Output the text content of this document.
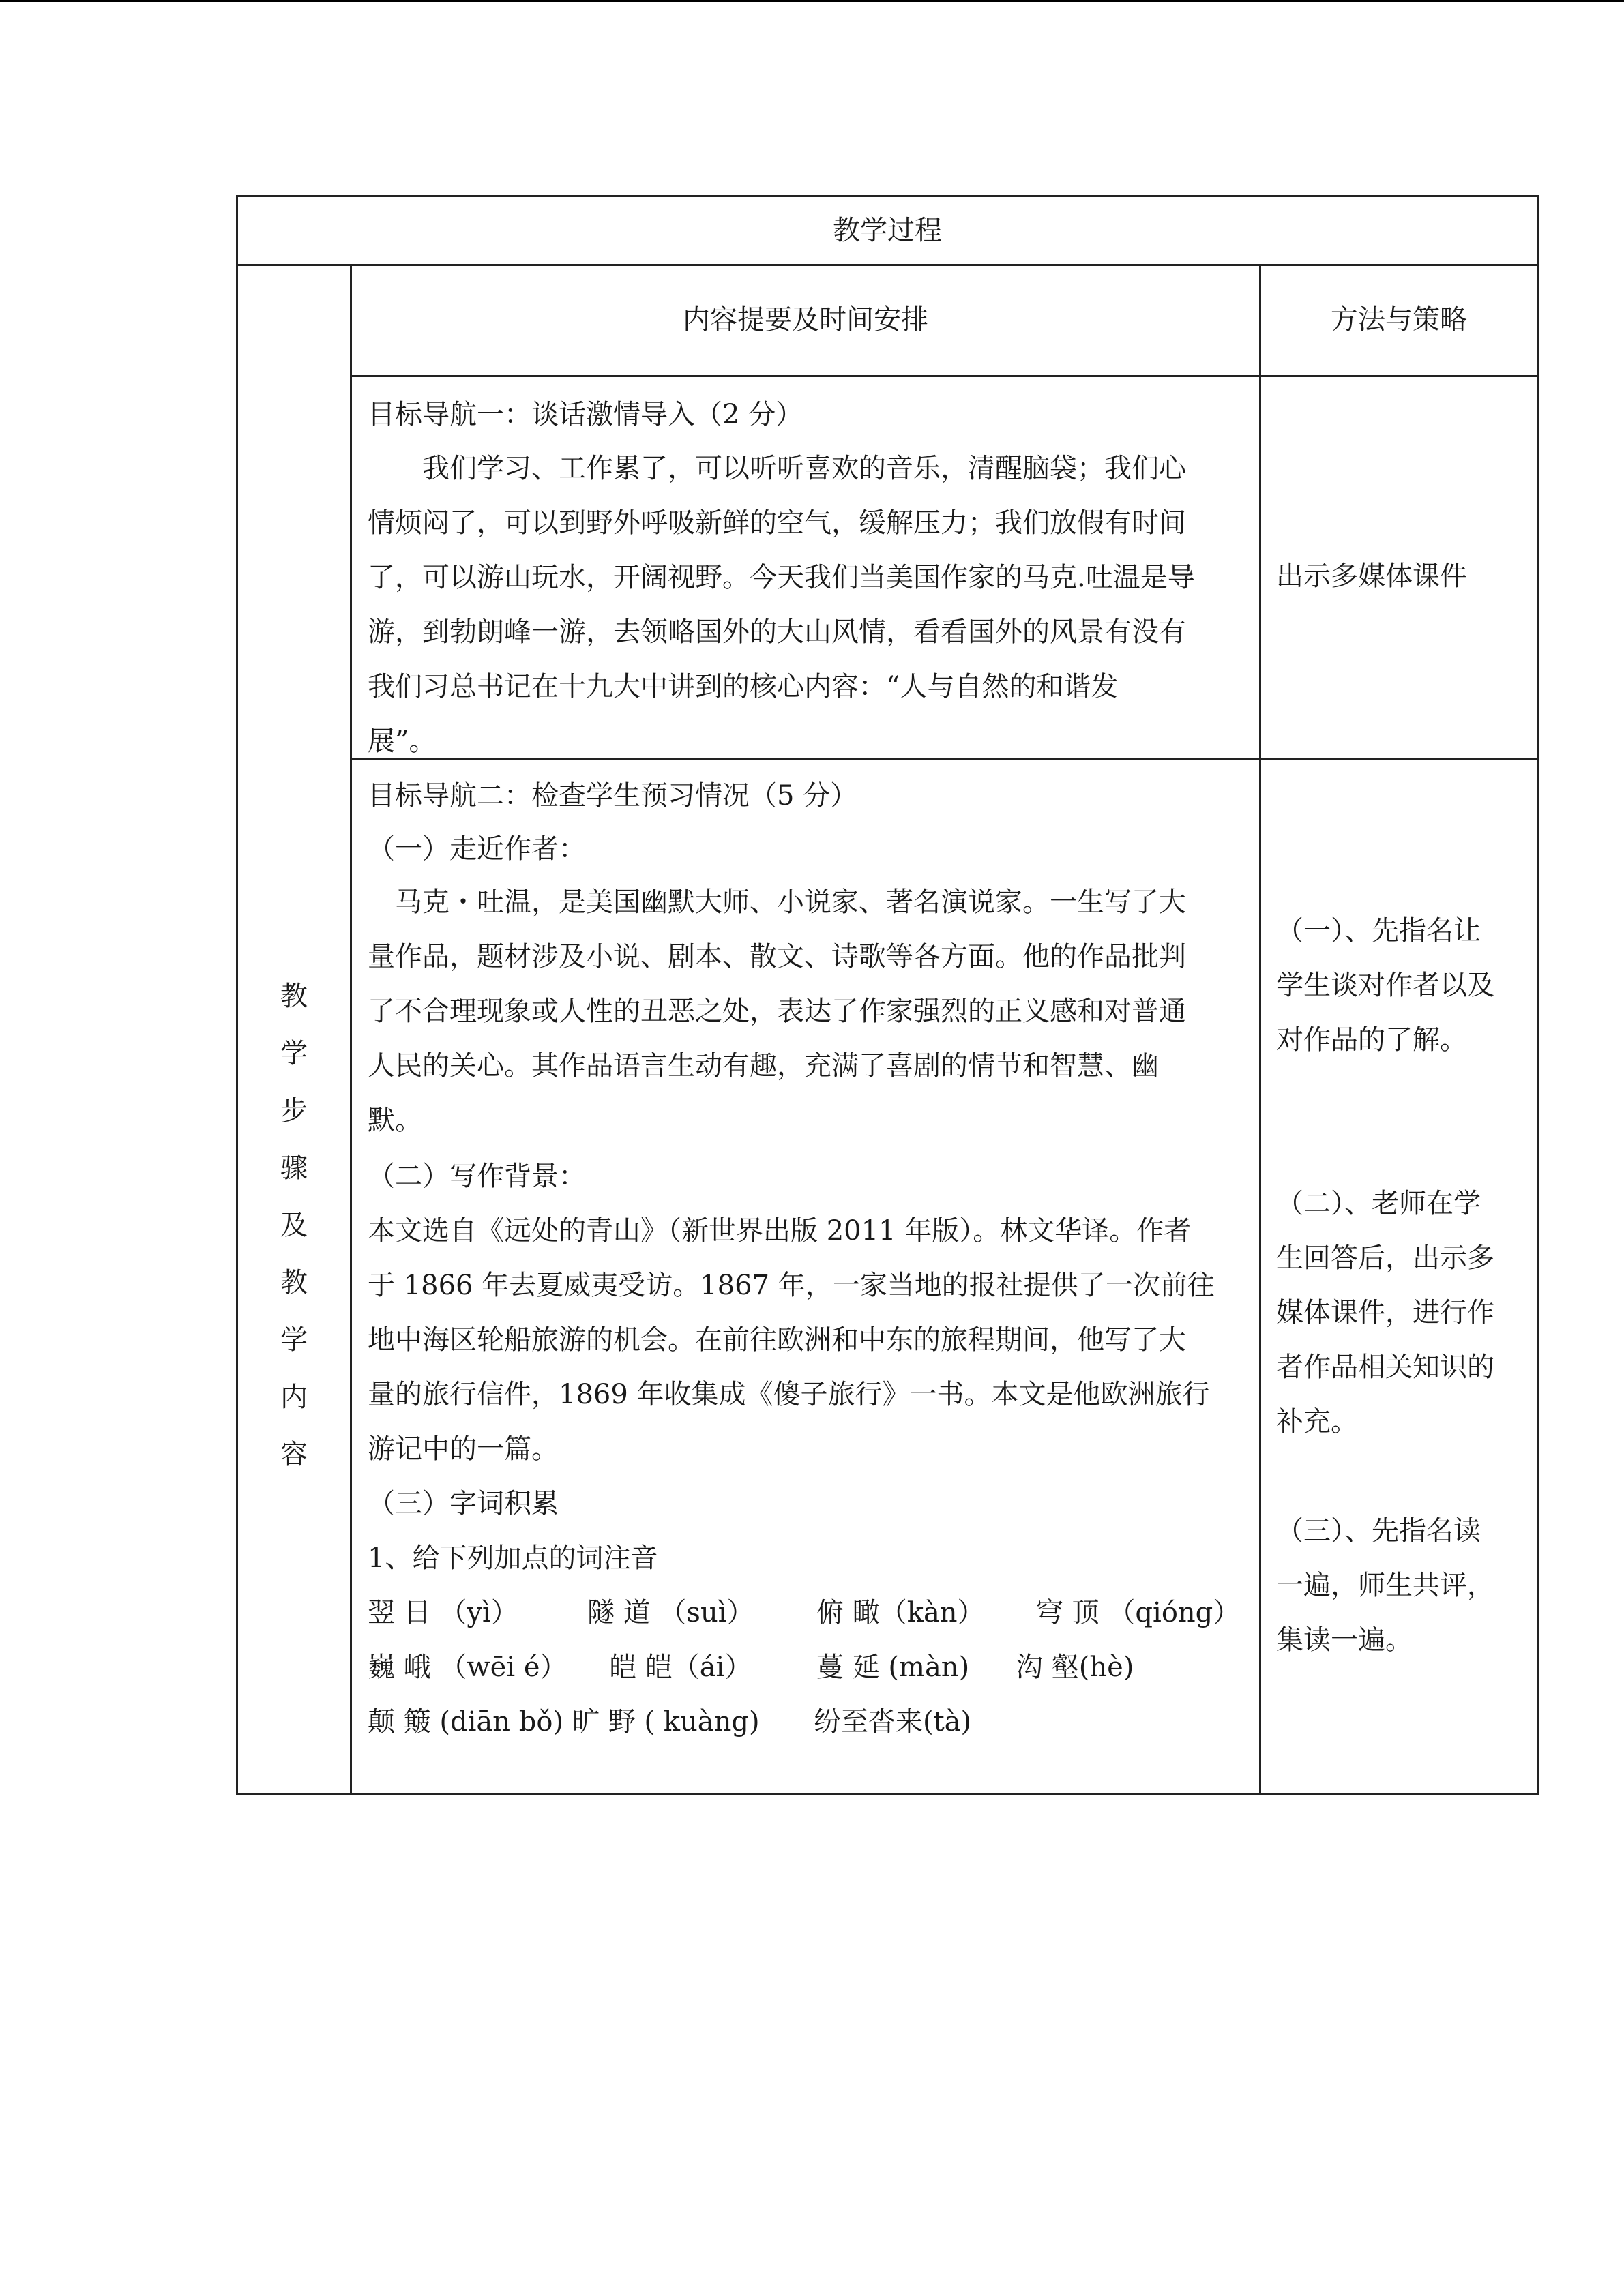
教学过程
教
学
步
骤
及
教
学
内
容
内容提要及时间安排	方法与策略
目标导航一：谈话激情导入（2 分）
　　我们学习、工作累了，可以听听喜欢的音乐，清醒脑袋；我们心
情烦闷了，可以到野外呼吸新鲜的空气，缓解压力；我们放假有时间
了，可以游山玩水，开阔视野。今天我们当美国作家的马克.吐温是导
游，到勃朗峰一游，去领略国外的大山风情，看看国外的风景有没有
我们习总书记在十九大中讲到的核心内容：“人与自然的和谐发
展”。
出示多媒体课件
目标导航二：检查学生预习情况（5 分）
（一）走近作者：
　马克・吐温，是美国幽默大师、小说家、著名演说家。一生写了大
量作品，题材涉及小说、剧本、散文、诗歌等各方面。他的作品批判
了不合理现象或人性的丑恶之处，表达了作家强烈的正义感和对普通
人民的关心。其作品语言生动有趣，充满了喜剧的情节和智慧、幽
默。
（二）写作背景：
本文选自《远处的青山》（新世界出版 2011 年版）。林文华译。作者
于 1866 年去夏威夷受访。1867 年，一家当地的报社提供了一次前往
地中海区轮船旅游的机会。在前往欧洲和中东的旅程期间，他写了大
量的旅行信件，1869 年收集成《傻子旅行》一书。本文是他欧洲旅行
游记中的一篇。
（三）字词积累
1、给下列加点的词注音
翌 日 （yì）	隧 道 （suì） 俯 瞰（kàn） 穹 顶 （qióng）
巍 峨 （wēi é） 皑 皑（ái） 蔓 延 (màn) 沟 壑(hè)
颠 簸 (diān bǒ) 旷 野 ( kuàng) 纷至沓来(tà)
（一）、先指名让
学生谈对作者以及
对作品的了解。
（二）、老师在学
生回答后，出示多
媒体课件，进行作
者作品相关知识的
补充。
（三）、先指名读
一遍，师生共评，
集读一遍。
